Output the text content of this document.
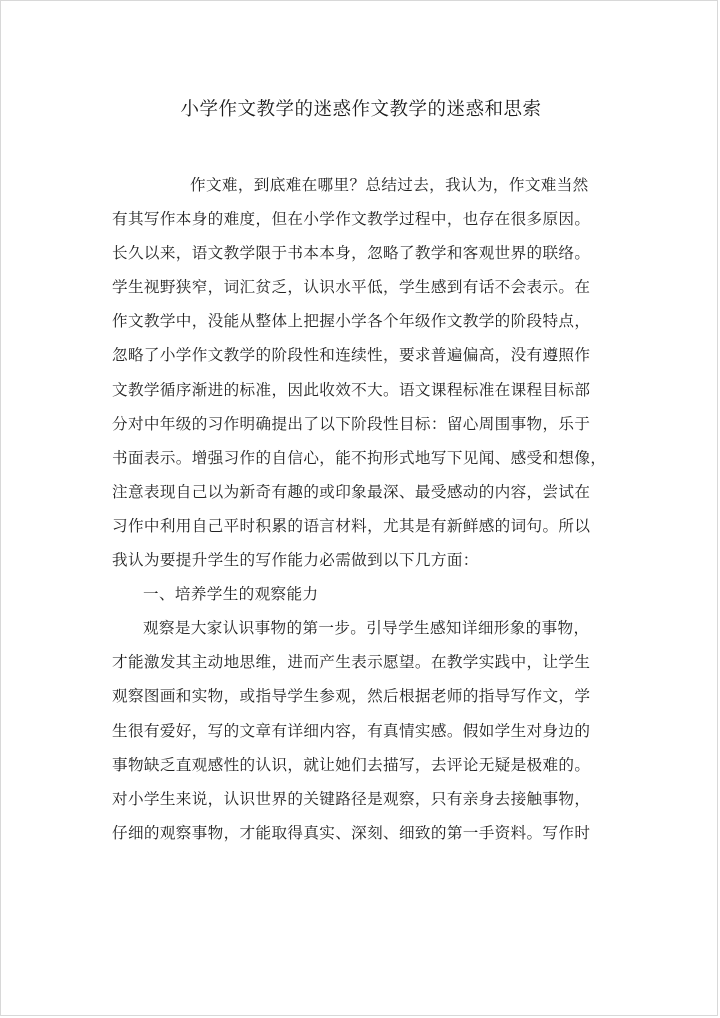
小学作文教学的迷惑作文教学的迷惑和思索
作文难，到底难在哪里？总结过去，我认为，作文难当然
有其写作本身的难度，但在小学作文教学过程中，也存在很多原因。
长久以来，语文教学限于书本本身，忽略了教学和客观世界的联络。
学生视野狭窄，词汇贫乏，认识水平低，学生感到有话不会表示。在
作文教学中，没能从整体上把握小学各个年级作文教学的阶段特点，
忽略了小学作文教学的阶段性和连续性，要求普遍偏高，没有遵照作
文教学循序渐进的标准，因此收效不大。语文课程标准在课程目标部
分对中年级的习作明确提出了以下阶段性目标：留心周围事物，乐于
书面表示。增强习作的自信心，能不拘形式地写下见闻、感受和想像，
注意表现自己以为新奇有趣的或印象最深、最受感动的内容，尝试在
习作中利用自己平时积累的语言材料，尤其是有新鲜感的词句。所以
我认为要提升学生的写作能力必需做到以下几方面：
一、培养学生的观察能力
观察是大家认识事物的第一步。引导学生感知详细形象的事物，
才能激发其主动地思维，进而产生表示愿望。在教学实践中，让学生
观察图画和实物，或指导学生参观，然后根据老师的指导写作文，学
生很有爱好，写的文章有详细内容，有真情实感。假如学生对身边的
事物缺乏直观感性的认识，就让她们去描写，去评论无疑是极难的。
对小学生来说，认识世界的关键路径是观察，只有亲身去接触事物，
仔细的观察事物，才能取得真实、深刻、细致的第一手资料。写作时
